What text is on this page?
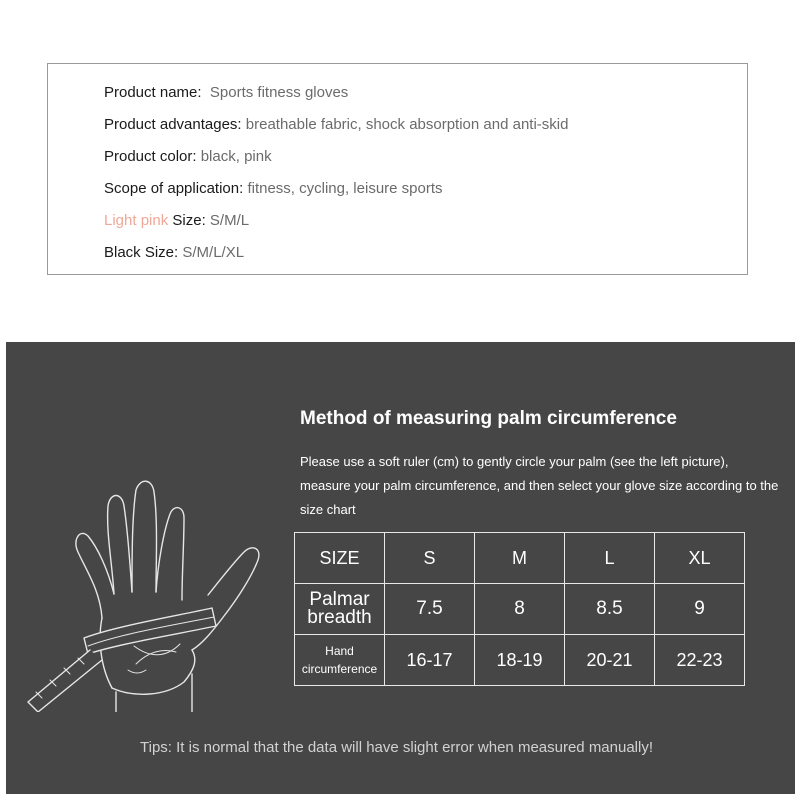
Product name: Sports fitness gloves
Product advantages: breathable fabric, shock absorption and anti-skid
Product color: black, pink
Scope of application: fitness, cycling, leisure sports
Light pink Size: S/M/L
Black Size: S/M/L/XL
Method of measuring palm circumference
Please use a soft ruler (cm) to gently circle your palm (see the left picture), measure your palm circumference, and then select your glove size according to the size chart
SIZE	S	M	L	XL
Palmar breadth	7.5	8	8.5	9
Hand circumference	16-17	18-19	20-21	22-23
Tips: It is normal that the data will have slight error when measured manually!
